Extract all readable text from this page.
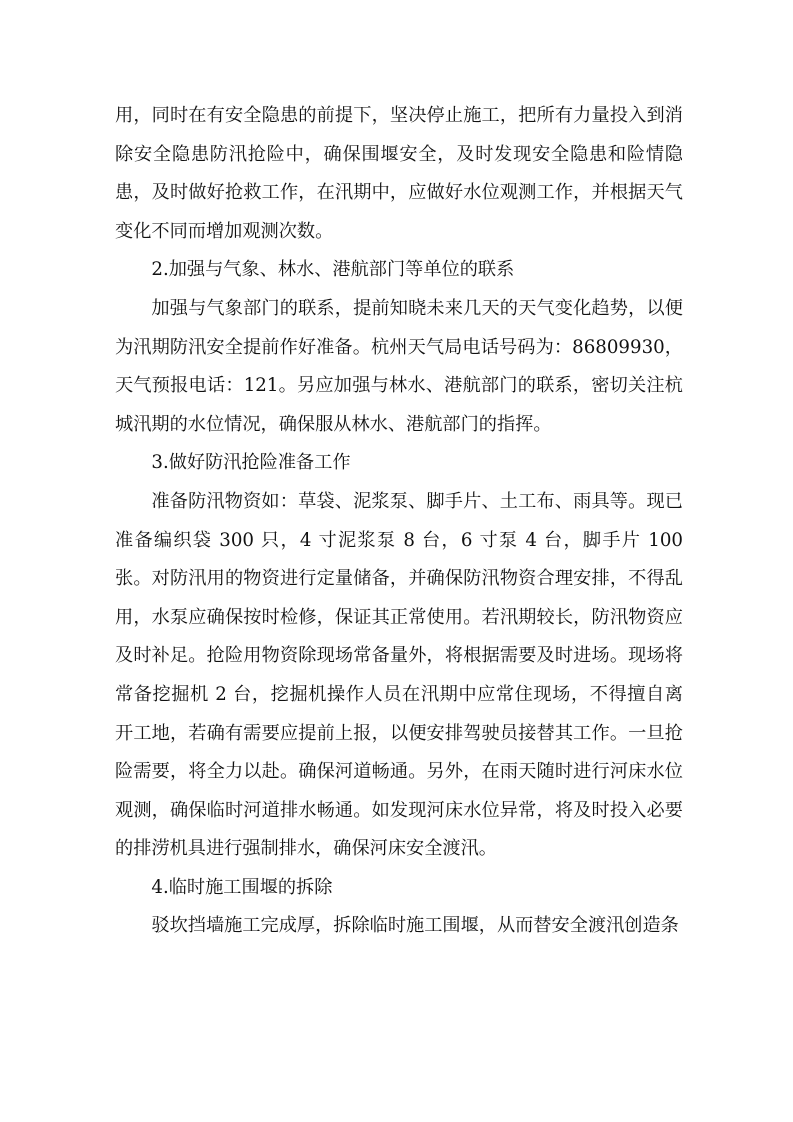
用，同时在有安全隐患的前提下，坚决停止施工，把所有力量投入到消除安全隐患防汛抢险中，确保围堰安全，及时发现安全隐患和险情隐患，及时做好抢救工作，在汛期中，应做好水位观测工作，并根据天气变化不同而增加观测次数。

2.加强与气象、林水、港航部门等单位的联系

加强与气象部门的联系，提前知晓未来几天的天气变化趋势，以便为汛期防汛安全提前作好准备。杭州天气局电话号码为：86809930，天气预报电话：121。另应加强与林水、港航部门的联系，密切关注杭城汛期的水位情况，确保服从林水、港航部门的指挥。

3.做好防汛抢险准备工作

准备防汛物资如：草袋、泥浆泵、脚手片、土工布、雨具等。现已准备编织袋 300 只，4 寸泥浆泵 8 台，6 寸泵 4 台，脚手片 100 张。对防汛用的物资进行定量储备，并确保防汛物资合理安排，不得乱用，水泵应确保按时检修，保证其正常使用。若汛期较长，防汛物资应及时补足。抢险用物资除现场常备量外，将根据需要及时进场。现场将常备挖掘机 2 台，挖掘机操作人员在汛期中应常住现场，不得擅自离开工地，若确有需要应提前上报，以便安排驾驶员接替其工作。一旦抢险需要，将全力以赴。确保河道畅通。另外，在雨天随时进行河床水位观测，确保临时河道排水畅通。如发现河床水位异常，将及时投入必要的排涝机具进行强制排水，确保河床安全渡汛。

4.临时施工围堰的拆除

驳坎挡墙施工完成厚，拆除临时施工围堰，从而替安全渡汛创造条
